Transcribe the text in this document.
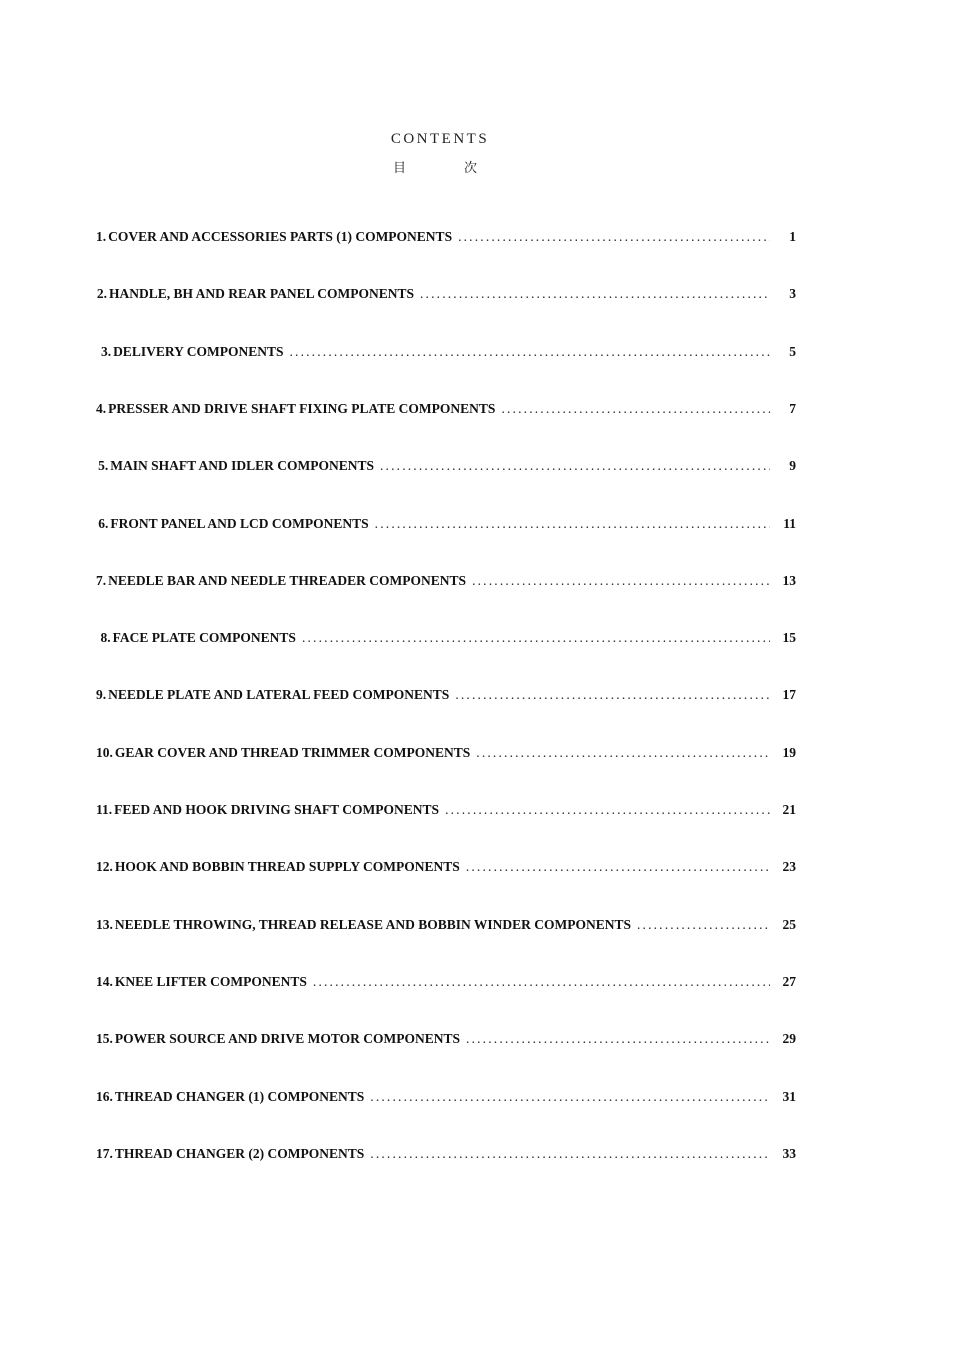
CONTENTS
目	次
1. COVER AND ACCESSORIES PARTS (1) COMPONENTS . . .	1
2. HANDLE, BH AND REAR PANEL COMPONENTS . . .	3
3. DELIVERY COMPONENTS . . .	5
4. PRESSER AND DRIVE SHAFT FIXING PLATE COMPONENTS . . .	7
5. MAIN SHAFT AND IDLER COMPONENTS . . .	9
6. FRONT PANEL AND LCD COMPONENTS . . .	11
7. NEEDLE BAR AND NEEDLE THREADER COMPONENTS . . .	13
8. FACE PLATE COMPONENTS . . .	15
9. NEEDLE PLATE AND LATERAL FEED COMPONENTS . . .	17
10. GEAR COVER AND THREAD TRIMMER COMPONENTS . . .	19
11. FEED AND HOOK DRIVING SHAFT COMPONENTS . . .	21
12. HOOK AND BOBBIN THREAD SUPPLY COMPONENTS . . .	23
13. NEEDLE THROWING, THREAD RELEASE AND BOBBIN WINDER COMPONENTS . . .	25
14. KNEE LIFTER COMPONENTS . . .	27
15. POWER SOURCE AND DRIVE MOTOR COMPONENTS . . .	29
16. THREAD CHANGER (1) COMPONENTS . . .	31
17. THREAD CHANGER (2) COMPONENTS . . .	33
